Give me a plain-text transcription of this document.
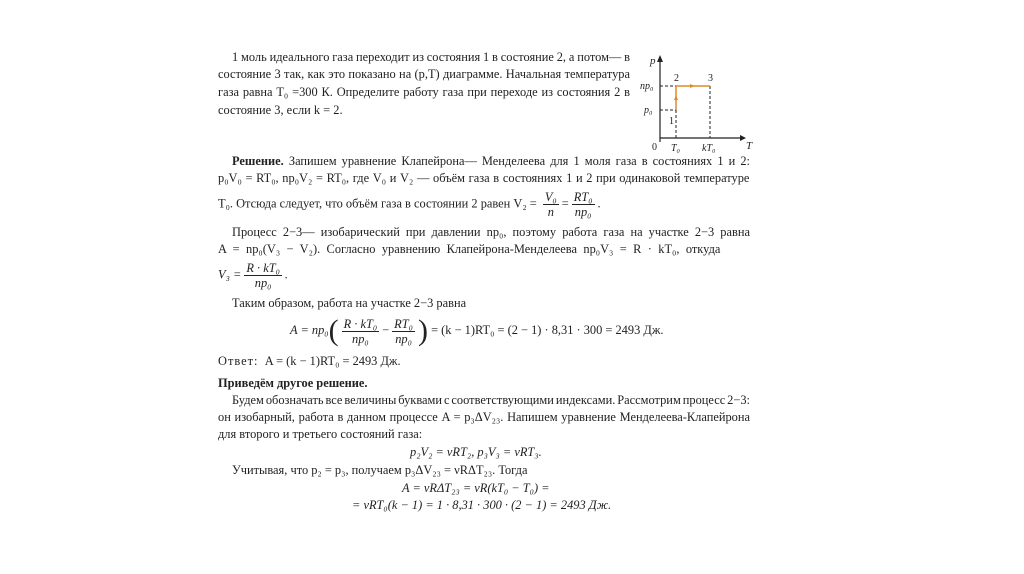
1 моль идеального газа переходит из состояния 1 в состояние 2, а потом— в
состояние 3 так, как это показано на (p,T) диаграмме. Начальная температура
газа равна T₀ =300 К. Определите работу газа при переходе из состояния 2 в
состояние 3, если k = 2.
p
T
0 T₀ kT₀
p₀
np₀
1
2	3
Решение. Запишем уравнение Клапейрона— Менделеева для 1 моля газа в состояниях 1 и 2:
p₀V₀ = RT₀, np₀V₂ = RT₀, где V₀ и V₂ — объём газа в состояниях 1 и 2 при одинаковой температуре
T₀. Отсюда следует, что объём газа в состоянии 2 равен $V_2 = \frac{\text{V₀}}{n} = \frac{\text{RT₀}}{\text{np₀}}$ .
Процесс 2−3— изобарический при давлении np₀, поэтому работа газа на участке 2−3 равна
A = np₀(V₃ − V₂). Согласно уравнению Клапейрона-Менделеева np₀V₃ = R · kT₀, откуда
$V_3 = \frac{\text{R · kT₀}}{\text{np₀}}$ .
Таким образом, работа на участке 2−3 равна
$A = np_0( \frac{\text{R · kT₀}}{\text{np₀}} - \frac{\text{RT₀}}{\text{np₀}}$ ) = (k − 1)RT₀ = (2 − 1) · 8,31 · 300 = 2493 Дж.
Ответ: A = (k − 1)RT₀ = 2493 Дж.
Приведём другое решение.
Будем обозначать все величины буквами с соответствующими индексами. Рассмотрим процесс 2−3:
он изобарный, работа в данном процессе A = p₃ΔV₂₃. Напишем уравнение Менделеева-Клапейрона
для второго и третьего состояний газа:
p₂V₂ = νRT₂, p₃V₃ = νRT₃.
Учитывая, что p₂ = p₃, получаем p₃ΔV₂₃ = νRΔT₂₃. Тогда
A = νRΔT₂₃ = νR(kT₀ − T₀) =
= νRT₀(k − 1) = 1 · 8,31 · 300 · (2 − 1) = 2493 Дж.
